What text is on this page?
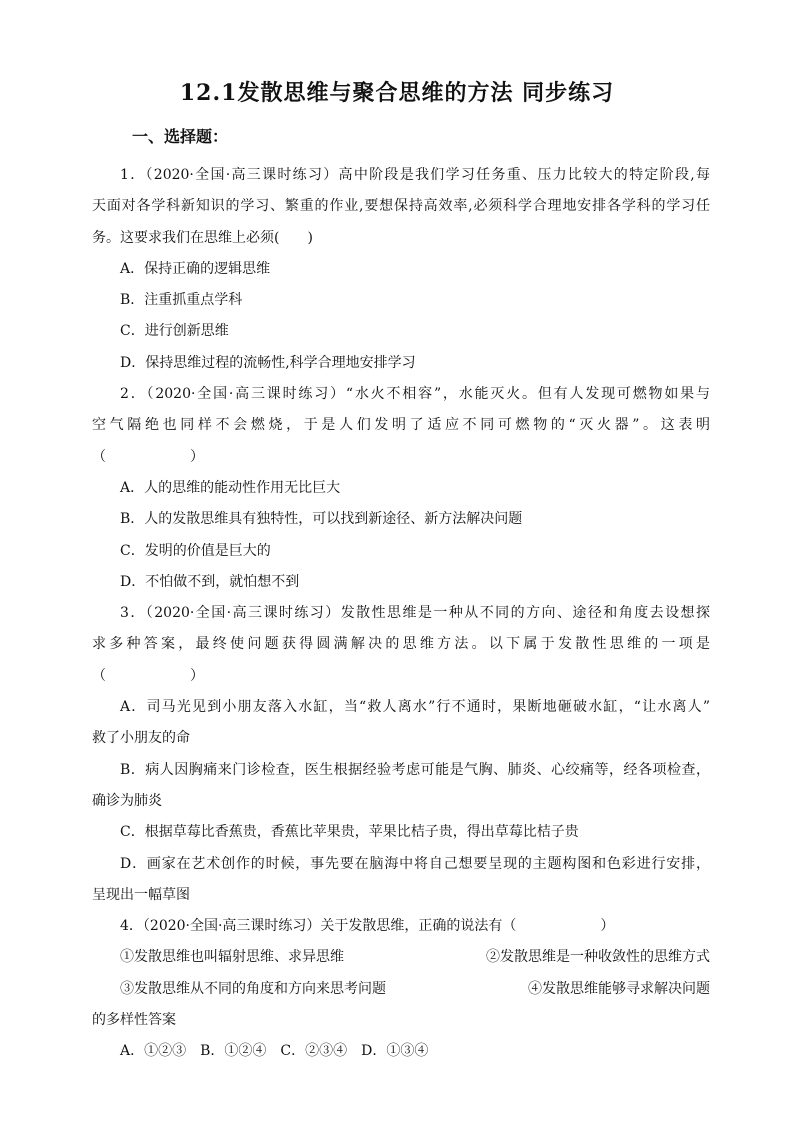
12.1发散思维与聚合思维的方法 同步练习
一、选择题：
1．（2020·全国·高三课时练习）高中阶段是我们学习任务重、压力比较大的特定阶段,每
天面对各学科新知识的学习、繁重的作业,要想保持高效率,必须科学合理地安排各学科的学习任
务。这要求我们在思维上必须(　　)
A．保持正确的逻辑思维
B．注重抓重点学科
C．进行创新思维
D．保持思维过程的流畅性,科学合理地安排学习
2．（2020·全国·高三课时练习）“水火不相容”，水能灭火。但有人发现可燃物如果与
空气隔绝也同样不会燃烧，于是人们发明了适应不同可燃物的“灭火器”。这表明
（　　　　　　）
A．人的思维的能动性作用无比巨大
B．人的发散思维具有独特性，可以找到新途径、新方法解决问题
C．发明的价值是巨大的
D．不怕做不到，就怕想不到
3．（2020·全国·高三课时练习）发散性思维是一种从不同的方向、途径和角度去设想探
求多种答案，最终使问题获得圆满解决的思维方法。以下属于发散性思维的一项是
（　　　　　　）
A．司马光见到小朋友落入水缸，当“救人离水”行不通时，果断地砸破水缸，“让水离人”
救了小朋友的命
B．病人因胸痛来门诊检查，医生根据经验考虑可能是气胸、肺炎、心绞痛等，经各项检查，
确诊为肺炎
C．根据草莓比香蕉贵，香蕉比苹果贵，苹果比桔子贵，得出草莓比桔子贵
D．画家在艺术创作的时候，事先要在脑海中将自己想要呈现的主题构图和色彩进行安排，
呈现出一幅草图
4．（2020·全国·高三课时练习）关于发散思维，正确的说法有（　　　　　　）
①发散思维也叫辐射思维、求异思维	②发散思维是一种收敛性的思维方式
③发散思维从不同的角度和方向来思考问题	④发散思维能够寻求解决问题
的多样性答案
A．①②③　B．①②④　C．②③④　D．①③④
